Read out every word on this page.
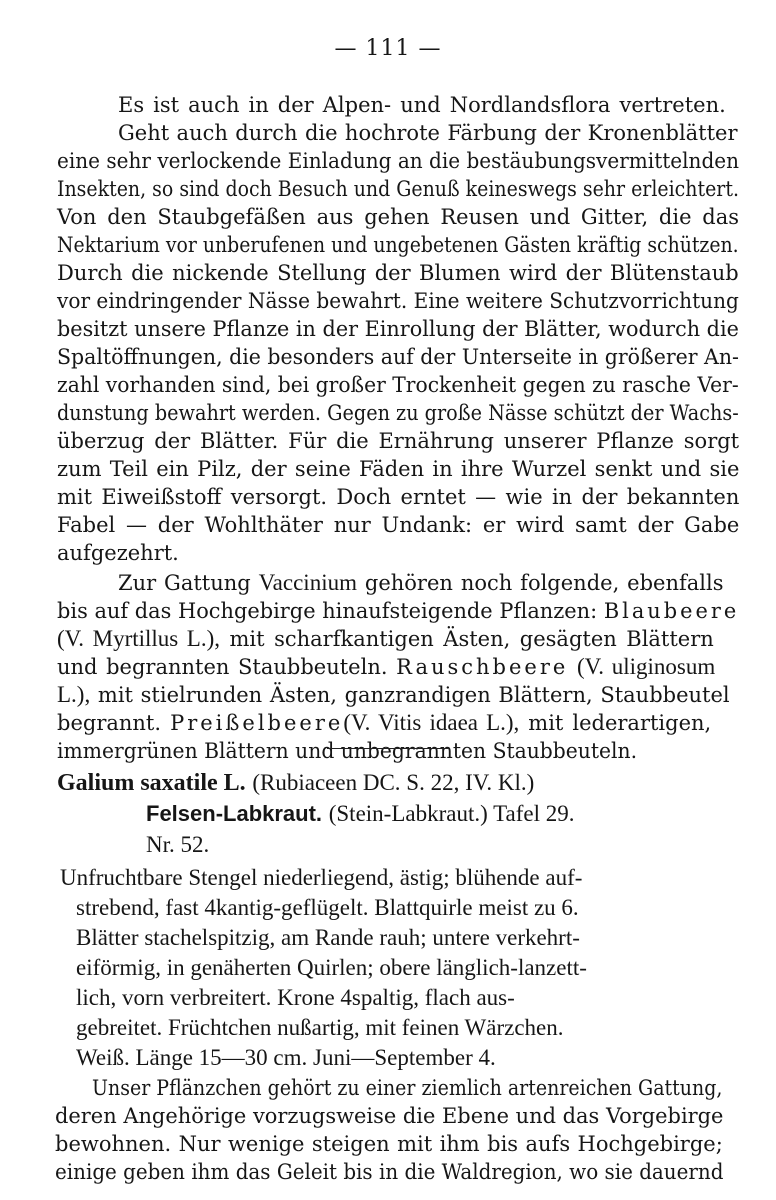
— 111 —
Es ist auch in der Alpen- und Nordlandsflora vertreten.
Geht auch durch die hochrote Färbung der Kronenblätter
eine sehr verlockende Einladung an die bestäubungsvermittelnden
Insekten, so sind doch Besuch und Genuß keineswegs sehr erleichtert.
Von den Staubgefäßen aus gehen Reusen und Gitter, die das
Nektarium vor unberufenen und ungebetenen Gästen kräftig schützen.
Durch die nickende Stellung der Blumen wird der Blütenstaub
vor eindringender Nässe bewahrt. Eine weitere Schutzvorrichtung
besitzt unsere Pflanze in der Einrollung der Blätter, wodurch die
Spaltöffnungen, die besonders auf der Unterseite in größerer An-
zahl vorhanden sind, bei großer Trockenheit gegen zu rasche Ver-
dunstung bewahrt werden. Gegen zu große Nässe schützt der Wachs-
überzug der Blätter. Für die Ernährung unserer Pflanze sorgt
zum Teil ein Pilz, der seine Fäden in ihre Wurzel senkt und sie
mit Eiweißstoff versorgt. Doch erntet — wie in der bekannten
Fabel — der Wohlthäter nur Undank: er wird samt der Gabe
aufgezehrt.
Zur Gattung Vaccinium gehören noch folgende, ebenfalls
bis auf das Hochgebirge hinaufsteigende Pflanzen: Blaubeere
(V. Myrtillus L.), mit scharfkantigen Ästen, gesägten Blättern
und begrannten Staubbeuteln. Rauschbeere (V. uliginosum
L.), mit stielrunden Ästen, ganzrandigen Blättern, Staubbeutel
begrannt. Preißelbeere(V. Vitis idaea L.), mit lederartigen,
immergrünen Blättern und unbegrannten Staubbeuteln.
Galium saxatile L. (Rubiaceen DC. S. 22, IV. Kl.)
Felsen-Labkraut. (Stein-Labkraut.) Tafel 29.
Nr. 52.
Unfruchtbare Stengel niederliegend, ästig; blühende auf-
strebend, fast 4kantig-geflügelt. Blattquirle meist zu 6.
Blätter stachelspitzig, am Rande rauh; untere verkehrt-
eiförmig, in genäherten Quirlen; obere länglich-lanzett-
lich, vorn verbreitert. Krone 4spaltig, flach aus-
gebreitet. Früchtchen nußartig, mit feinen Wärzchen.
Weiß. Länge 15—30 cm. Juni—September 4.
Unser Pflänzchen gehört zu einer ziemlich artenreichen Gattung,
deren Angehörige vorzugsweise die Ebene und das Vorgebirge
bewohnen. Nur wenige steigen mit ihm bis aufs Hochgebirge;
einige geben ihm das Geleit bis in die Waldregion, wo sie dauernd
